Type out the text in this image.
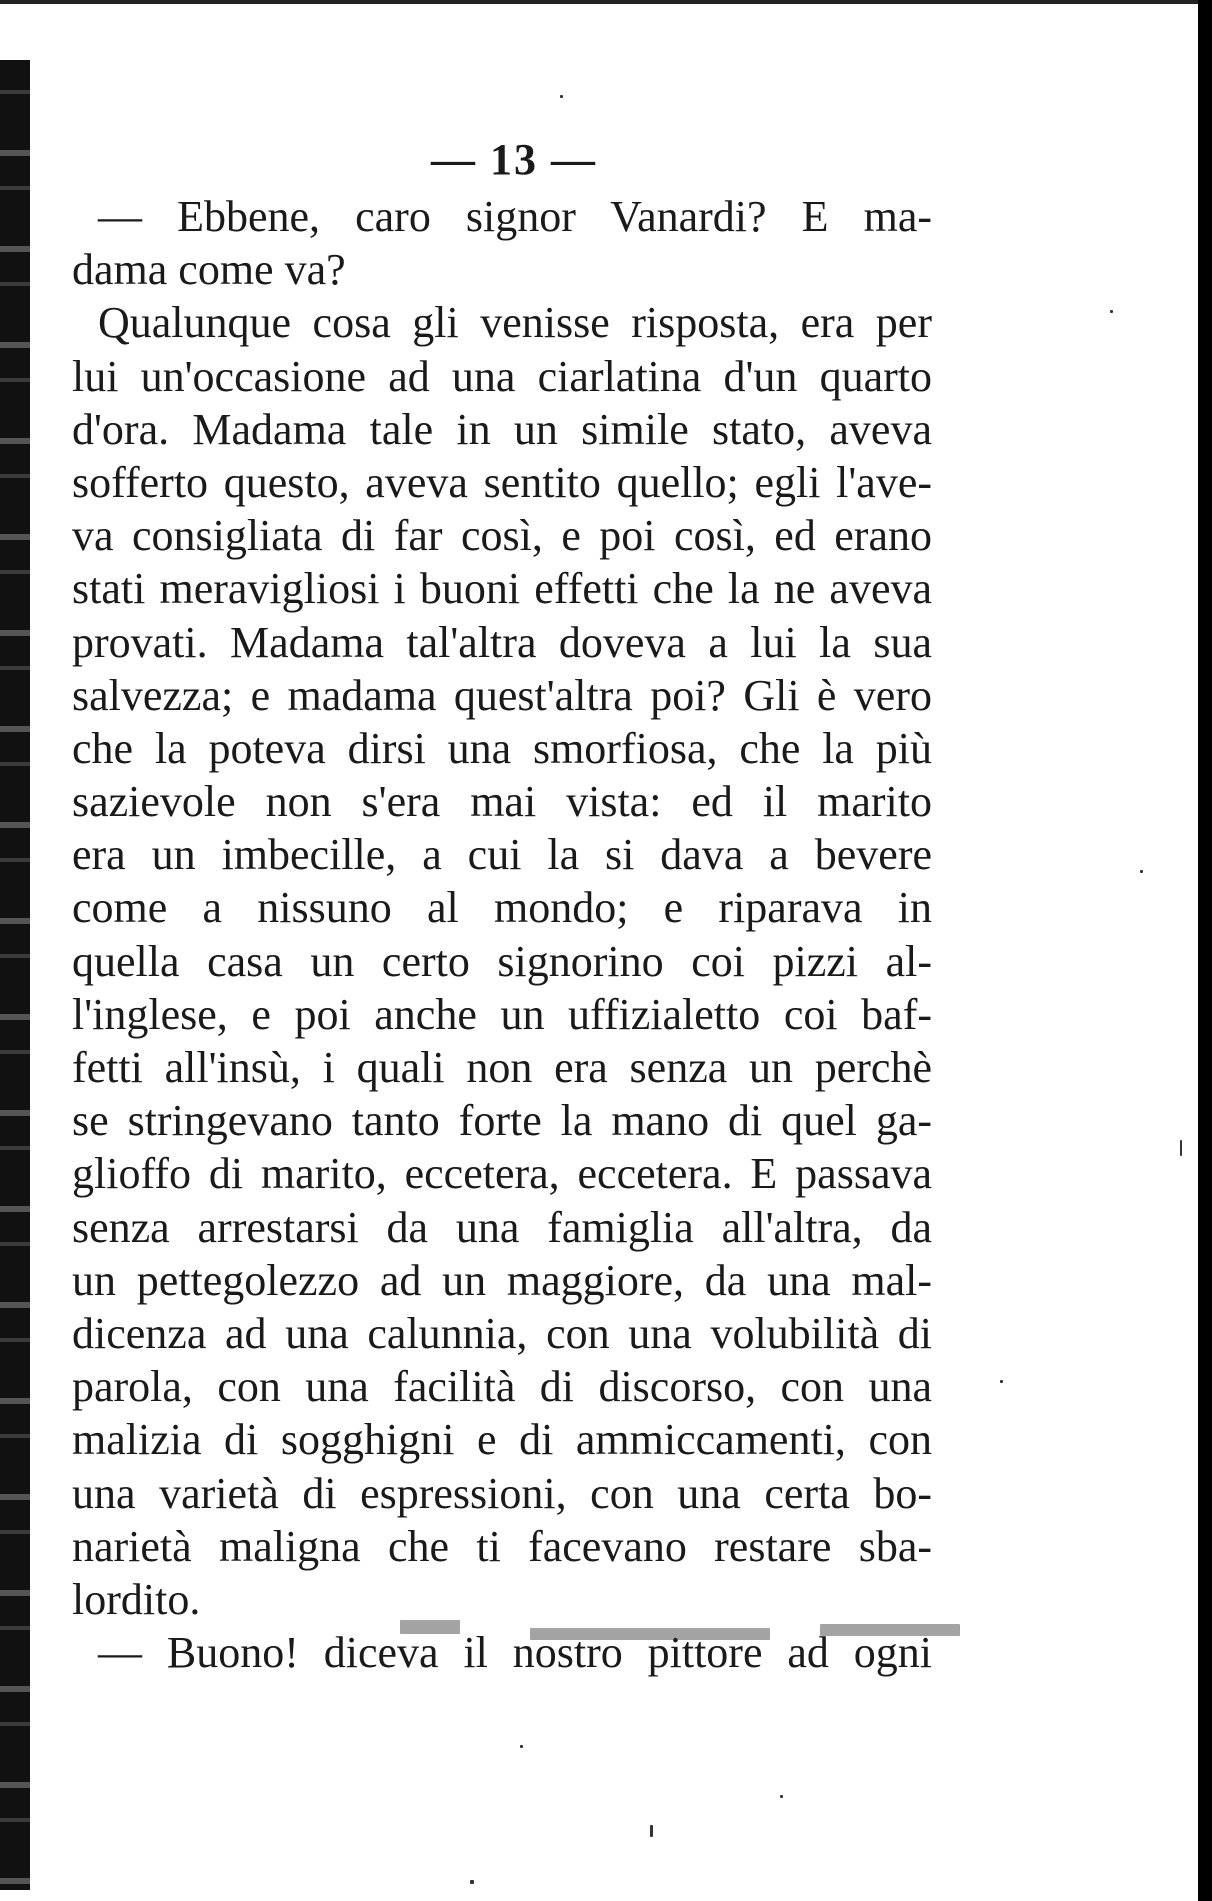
— 13 —
— Ebbene, caro signor Vanardi? E ma-
dama come va?
Qualunque cosa gli venisse risposta, era per
lui un'occasione ad una ciarlatina d'un quarto
d'ora. Madama tale in un simile stato, aveva
sofferto questo, aveva sentito quello; egli l'ave-
va consigliata di far così, e poi così, ed erano
stati meravigliosi i buoni effetti che la ne aveva
provati. Madama tal'altra doveva a lui la sua
salvezza; e madama quest'altra poi? Gli è vero
che la poteva dirsi una smorfiosa, che la più
sazievole non s'era mai vista: ed il marito
era un imbecille, a cui la si dava a bevere
come a nissuno al mondo; e riparava in
quella casa un certo signorino coi pizzi al-
l'inglese, e poi anche un uffizialetto coi baf-
fetti all'insù, i quali non era senza un perchè
se stringevano tanto forte la mano di quel ga-
glioffo di marito, eccetera, eccetera. E passava
senza arrestarsi da una famiglia all'altra, da
un pettegolezzo ad un maggiore, da una mal-
dicenza ad una calunnia, con una volubilità di
parola, con una facilità di discorso, con una
malizia di sogghigni e di ammiccamenti, con
una varietà di espressioni, con una certa bo-
narietà maligna che ti facevano restare sba-
lordito.
— Buono! diceva il nostro pittore ad ogni
